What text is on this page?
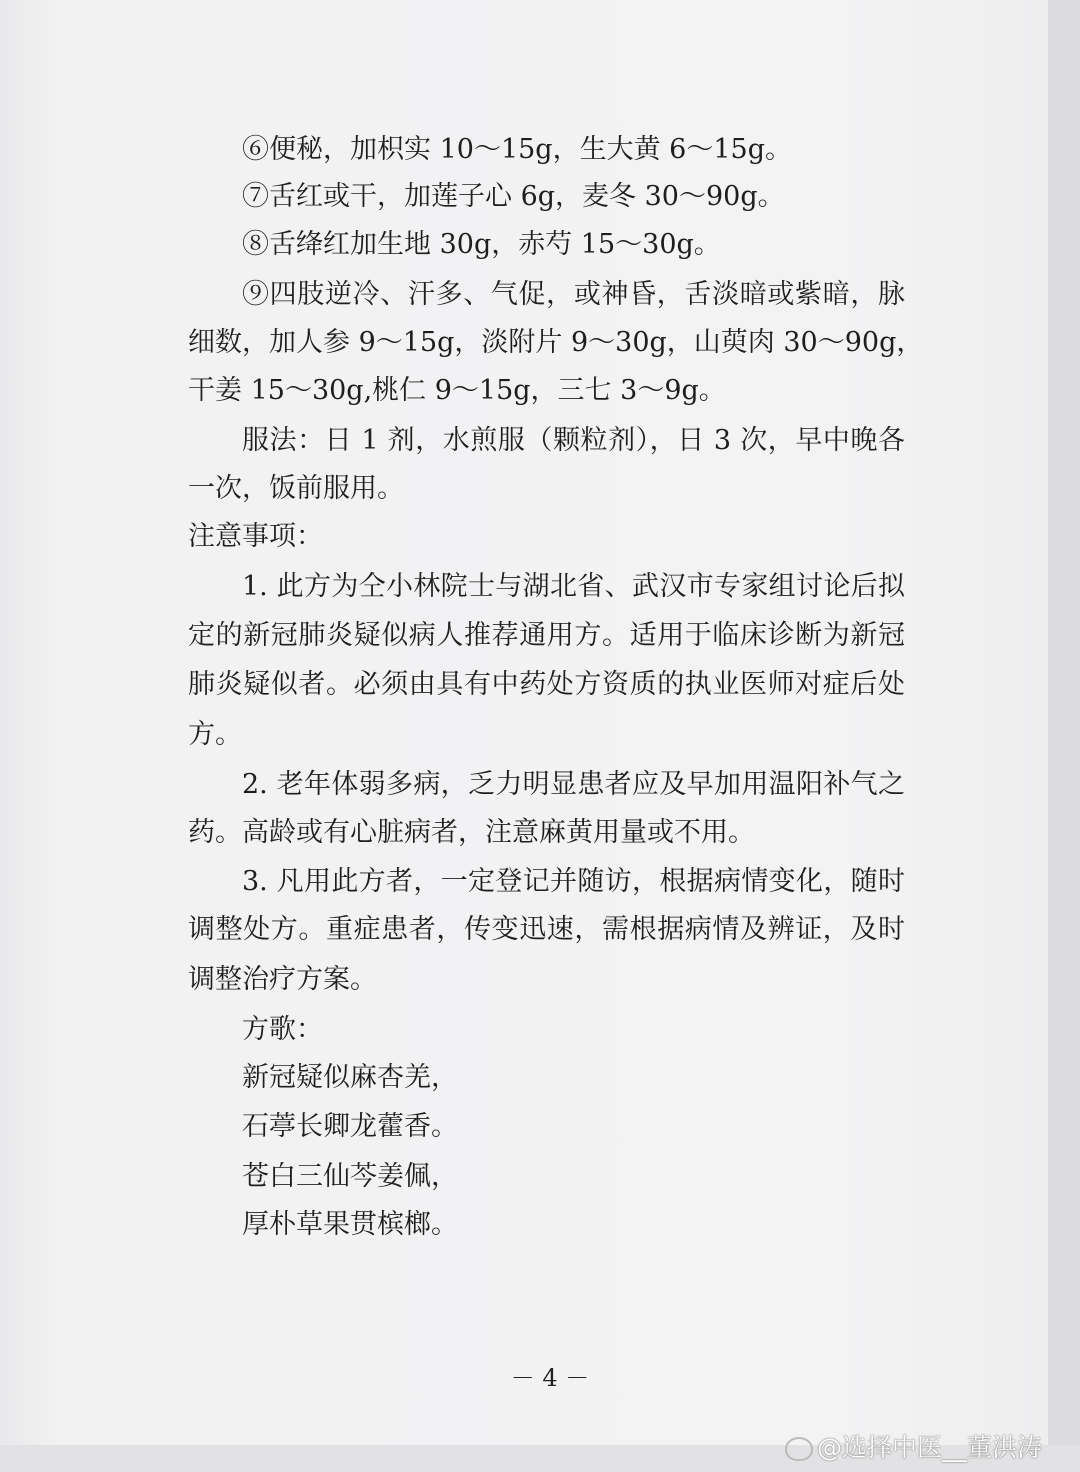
⑥便秘，加枳实 10～15g，生大黄 6～15g。
⑦舌红或干，加莲子心 6g，麦冬 30～90g。
⑧舌绛红加生地 30g，赤芍 15～30g。
⑨四肢逆冷、汗多、气促，或神昏，舌淡暗或紫暗，脉
细数，加人参 9～15g，淡附片 9～30g，山萸肉 30～90g，
干姜 15～30g,桃仁 9～15g，三七 3～9g。
服法：日 1 剂，水煎服（颗粒剂），日 3 次，早中晚各
一次，饭前服用。
注意事项：
1. 此方为仝小林院士与湖北省、武汉市专家组讨论后拟
定的新冠肺炎疑似病人推荐通用方。适用于临床诊断为新冠
肺炎疑似者。必须由具有中药处方资质的执业医师对症后处
方。
2. 老年体弱多病，乏力明显患者应及早加用温阳补气之
药。高龄或有心脏病者，注意麻黄用量或不用。
3. 凡用此方者，一定登记并随访，根据病情变化，随时
调整处方。重症患者，传变迅速，需根据病情及辨证，及时
调整治疗方案。
方歌：
新冠疑似麻杏羌，
石葶长卿龙藿香。
苍白三仙芩姜佩，
厚朴草果贯槟榔。
－ 4 －
@选择中医__董洪涛
